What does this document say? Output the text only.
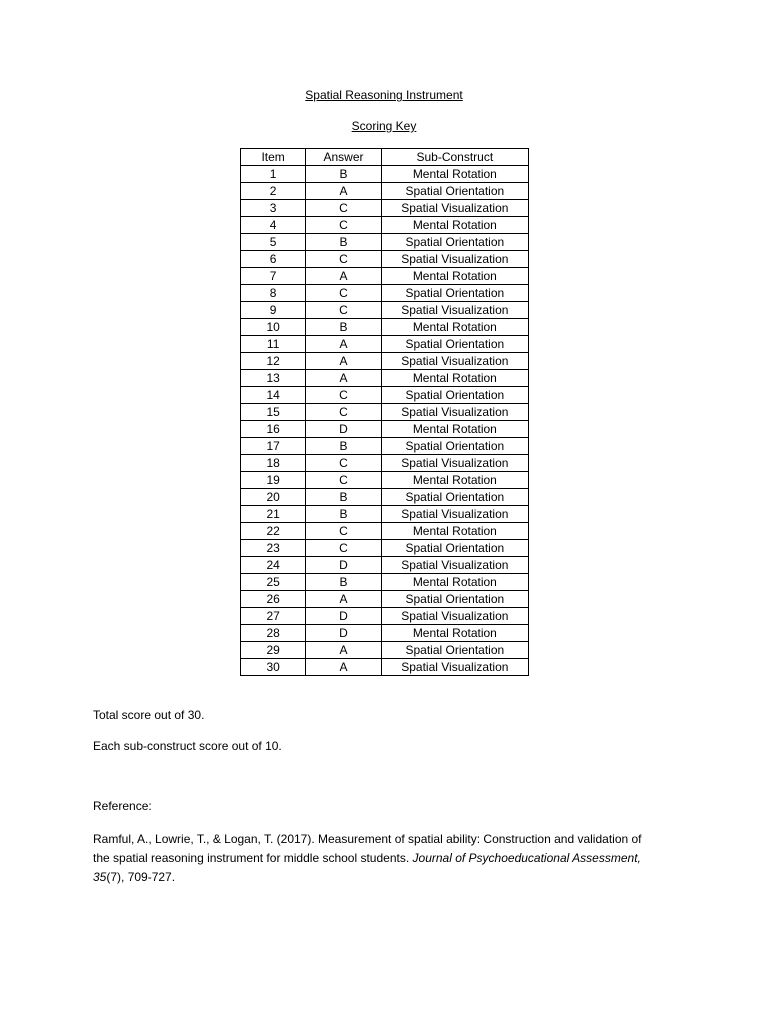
Spatial Reasoning Instrument
Scoring Key
Item	Answer	Sub-Construct
1	B	Mental Rotation
2	A	Spatial Orientation
3	C	Spatial Visualization
4	C	Mental Rotation
5	B	Spatial Orientation
6	C	Spatial Visualization
7	A	Mental Rotation
8	C	Spatial Orientation
9	C	Spatial Visualization
10	B	Mental Rotation
11	A	Spatial Orientation
12	A	Spatial Visualization
13	A	Mental Rotation
14	C	Spatial Orientation
15	C	Spatial Visualization
16	D	Mental Rotation
17	B	Spatial Orientation
18	C	Spatial Visualization
19	C	Mental Rotation
20	B	Spatial Orientation
21	B	Spatial Visualization
22	C	Mental Rotation
23	C	Spatial Orientation
24	D	Spatial Visualization
25	B	Mental Rotation
26	A	Spatial Orientation
27	D	Spatial Visualization
28	D	Mental Rotation
29	A	Spatial Orientation
30	A	Spatial Visualization
Total score out of 30.
Each sub-construct score out of 10.
Reference:
Ramful, A., Lowrie, T., & Logan, T. (2017). Measurement of spatial ability: Construction and validation of the spatial reasoning instrument for middle school students. Journal of Psychoeducational Assessment, 35(7), 709-727.
